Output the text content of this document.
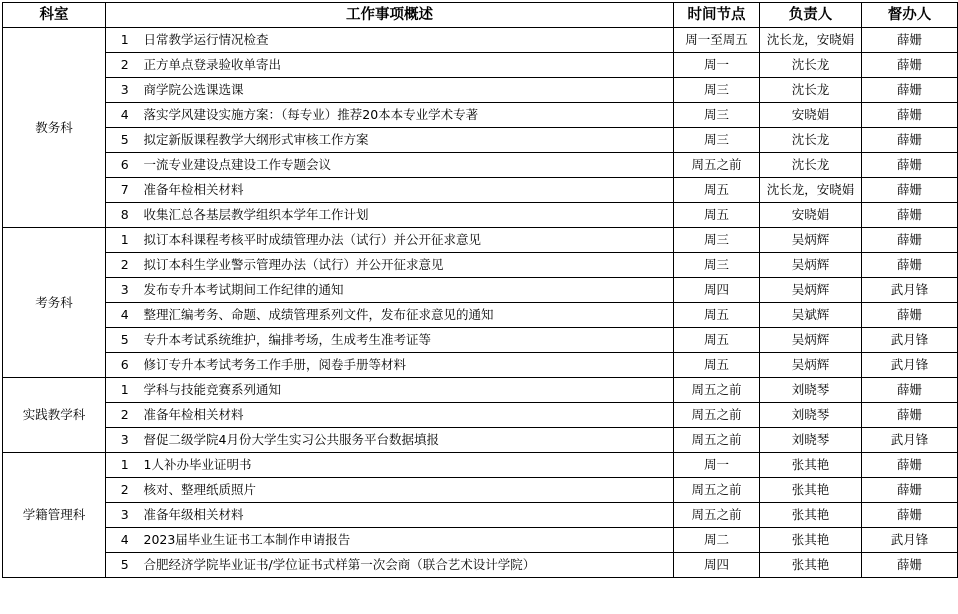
科室	工作事项概述		时间节点	负责人	督办人
教务科	1	日常教学运行情况检查	周一至周五	沈长龙，安晓娟	薛姗
	2	正方单点登录验收单寄出	周一	沈长龙	薛姗
	3	商学院公选课选课	周三	沈长龙	薛姗
	4	落实学风建设实施方案：（每专业）推荐20本本专业学术专著	周三	安晓娟	薛姗
	5	拟定新版课程教学大纲形式审核工作方案	周三	沈长龙	薛姗
	6	一流专业建设点建设工作专题会议	周五之前	沈长龙	薛姗
	7	准备年检相关材料	周五	沈长龙，安晓娟	薛姗
	8	收集汇总各基层教学组织本学年工作计划	周五	安晓娟	薛姗
考务科	1	拟订本科课程考核平时成绩管理办法（试行）并公开征求意见	周三	吴炳辉	薛姗
	2	拟订本科生学业警示管理办法（试行）并公开征求意见	周三	吴炳辉	薛姗
	3	发布专升本考试期间工作纪律的通知	周四	吴炳辉	武月锋
	4	整理汇编考务、命题、成绩管理系列文件，发布征求意见的通知	周五	吴斌辉	薛姗
	5	专升本考试系统维护，编排考场，生成考生准考证等	周五	吴炳辉	武月锋
	6	修订专升本考试考务工作手册，阅卷手册等材料	周五	吴炳辉	武月锋
实践教学科	1	学科与技能竞赛系列通知	周五之前	刘晓琴	薛姗
	2	准备年检相关材料	周五之前	刘晓琴	薛姗
	3	督促二级学院4月份大学生实习公共服务平台数据填报	周五之前	刘晓琴	武月锋
学籍管理科	1	1人补办毕业证明书	周一	张其艳	薛姗
	2	核对、整理纸质照片	周五之前	张其艳	薛姗
	3	准备年级相关材料	周五之前	张其艳	薛姗
	4	2023届毕业生证书工本制作申请报告	周二	张其艳	武月锋
	5	合肥经济学院毕业证书/学位证书式样第一次会商（联合艺术设计学院）	周四	张其艳	薛姗
